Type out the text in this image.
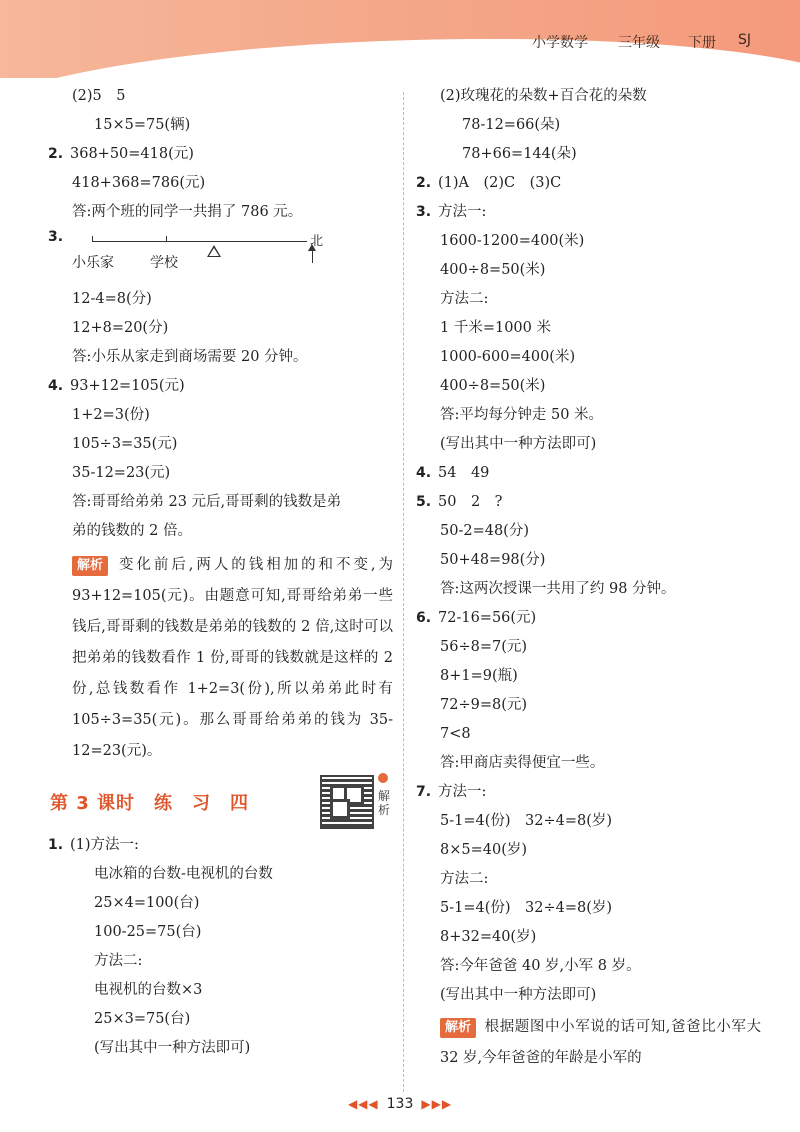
小学数学 三年级 下册 SJ
(2)5　5
15×5=75(辆)
2. 368+50=418(元)
418+368=786(元)
答:两个班的同学一共捐了 786 元。
3.
小乐家	学校
北
12-4=8(分)
12+8=20(分)
答:小乐从家走到商场需要 20 分钟。
4. 93+12=105(元)
1+2=3(份)
105÷3=35(元)
35-12=23(元)
答:哥哥给弟弟 23 元后,哥哥剩的钱数是弟
弟的钱数的 2 倍。
解析 变化前后,两人的钱相加的和不变,为 93+12=105(元)。由题意可知,哥哥给弟弟一些钱后,哥哥剩的钱数是弟弟的钱数的 2 倍,这时可以把弟弟的钱数看作 1 份,哥哥的钱数就是这样的 2 份,总钱数看作 1+2=3(份),所以弟弟此时有 105÷3=35(元)。那么哥哥给弟弟的钱为 35-12=23(元)。
第 3 课时　练　习　四	解析
1. (1)方法一:
电冰箱的台数-电视机的台数
25×4=100(台)
100-25=75(台)
方法二:
电视机的台数×3
25×3=75(台)
(写出其中一种方法即可)
(2)玫瑰花的朵数+百合花的朵数
78-12=66(朵)
78+66=144(朵)
2. (1)A　(2)C　(3)C
3. 方法一:
1600-1200=400(米)
400÷8=50(米)
方法二:
1 千米=1000 米
1000-600=400(米)
400÷8=50(米)
答:平均每分钟走 50 米。
(写出其中一种方法即可)
4. 54　49
5. 50　2　?
50-2=48(分)
50+48=98(分)
答:这两次授课一共用了约 98 分钟。
6. 72-16=56(元)
56÷8=7(元)
8+1=9(瓶)
72÷9=8(元)
7<8
答:甲商店卖得便宜一些。
7. 方法一:
5-1=4(份)　32÷4=8(岁)
8×5=40(岁)
方法二:
5-1=4(份)　32÷4=8(岁)
8+32=40(岁)
答:今年爸爸 40 岁,小军 8 岁。
(写出其中一种方法即可)
解析 根据题图中小军说的话可知,爸爸比小军大 32 岁,今年爸爸的年龄是小军的
◀◀◀ 133 ▶▶▶
